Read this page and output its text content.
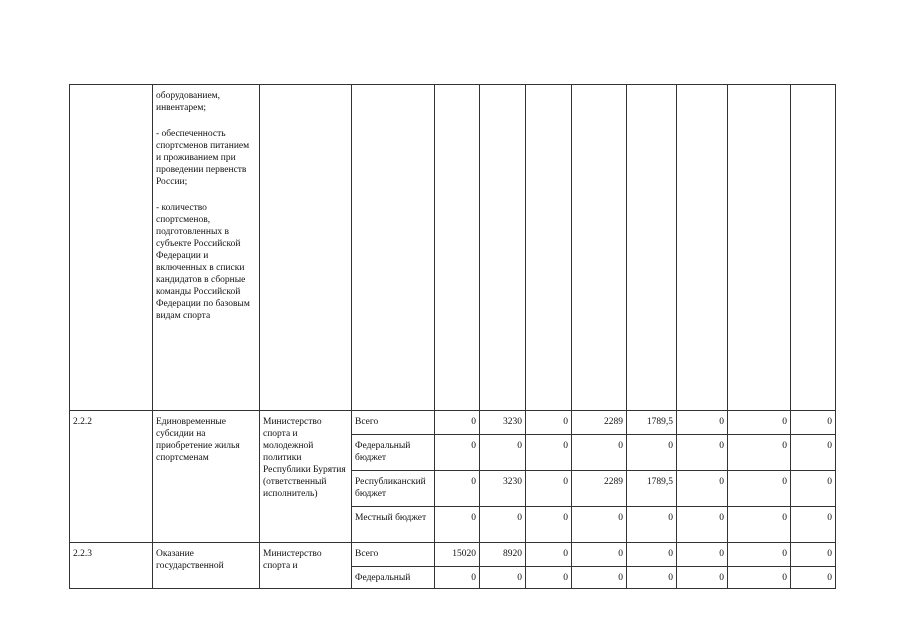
	оборудованием, инвентарем;
- обеспеченность спортсменов питанием и проживанием при проведении первенств России;
- количество спортсменов, подготовленных в субъекте Российской Федерации и включенных в списки кандидатов в сборные команды Российской Федерации по базовым видам спорта										

2.2.2	Единовременные субсидии на приобретение жилья спортсменам	Министерство спорта и молодежной политики Республики Бурятия (ответственный исполнитель)	Всего	0	3230	0	2289	1789,5	0	0	0
			Федеральный бюджет	0	0	0	0	0	0	0	0
			Республиканский бюджет	0	3230	0	2289	1789,5	0	0	0
			Местный бюджет	0	0	0	0	0	0	0	0
2.2.3	Оказание государственной	Министерство спорта и	Всего	15020	8920	0	0	0	0	0	0
			Федеральный	0	0	0	0	0	0	0	0
